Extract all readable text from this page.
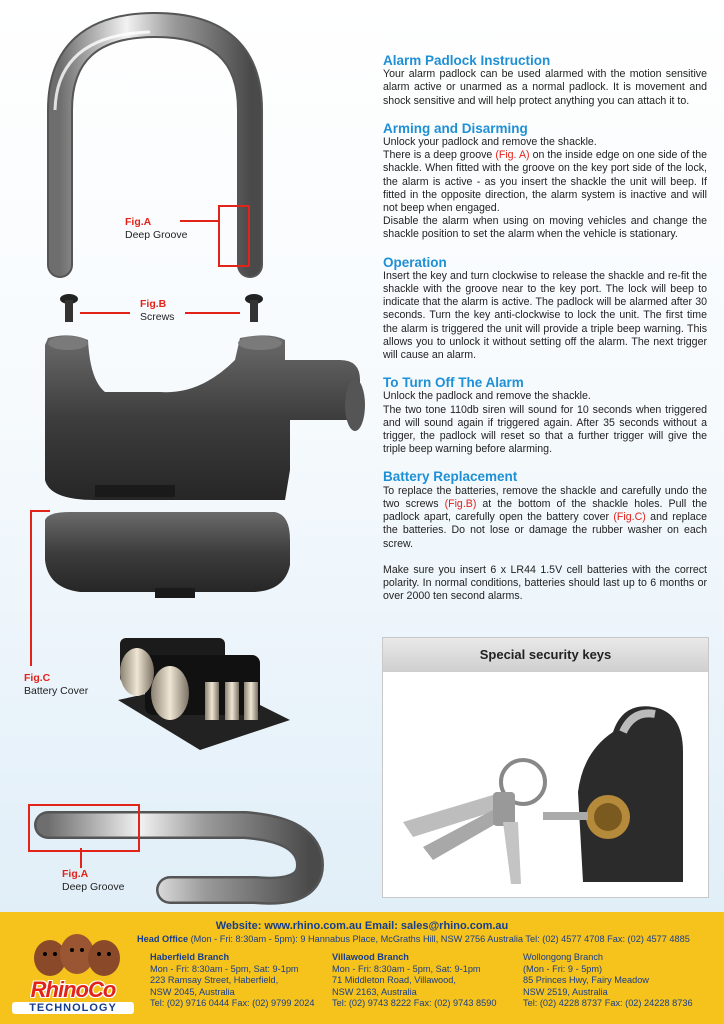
Fig.A
Deep Groove
Fig.B
Screws
Fig.C
Battery Cover
Fig.A
Deep Groove
Alarm Padlock Instruction

Your alarm padlock can be used alarmed with the motion sensitive alarm active or unarmed as a normal padlock. It is movement and shock sensitive and will help protect anything you can attach it to.

Arming and Disarming

Unlock your padlock and remove the shackle.

There is a deep groove (Fig. A) on the inside edge on one side of the shackle. When fitted with the groove on the key port side of the lock, the alarm is active - as you insert the shackle the unit will beep. If fitted in the opposite direction, the alarm system is inactive and will not beep when engaged.

Disable the alarm when using on moving vehicles and change the shackle position to set the alarm when the vehicle is stationary.

Operation

Insert the key and turn clockwise to release the shackle and re-fit the shackle with the groove near to the key port. The lock will beep to indicate that the alarm is active. The padlock will be alarmed after 30 seconds. Turn the key anti-clockwise to lock the unit. The first time the alarm is triggered the unit will provide a triple beep warning. This allows you to unlock it without setting off the alarm. The next trigger will cause an alarm.

To Turn Off The Alarm

Unlock the padlock and remove the shackle.

The two tone 110db siren will sound for 10 seconds when triggered and will sound again if triggered again. After 35 seconds without a trigger, the padlock will reset so that a further trigger will give the triple beep warning before alarming.

Battery Replacement

To replace the batteries, remove the shackle and carefully undo the two screws (Fig.B) at the bottom of the shackle holes. Pull the padlock apart, carefully open the battery cover (Fig.C) and replace the batteries. Do not lose or damage the rubber washer on each screw.

Make sure you insert 6 x LR44 1.5V cell batteries with the correct polarity. In normal conditions, batteries should last up to 6 months or over 2000 ten second alarms.

Special security keys
Website: www.rhino.com.au Email: sales@rhino.com.au
Head Office (Mon - Fri: 8:30am - 5pm): 9 Hannabus Place, McGraths Hill, NSW 2756 Australia Tel: (02) 4577 4708 Fax: (02) 4577 4885
Haberfield Branch
Mon - Fri: 8:30am - 5pm, Sat: 9-1pm
223 Ramsay Street, Haberfield,
NSW 2045, Australia
Tel: (02) 9716 0444 Fax: (02) 9799 2024
Villawood Branch
Mon - Fri: 8:30am - 5pm, Sat: 9-1pm
71 Middleton Road, Villawood,
NSW 2163, Australia
Tel: (02) 9743 8222 Fax: (02) 9743 8590
Wollongong Branch
(Mon - Fri: 9 - 5pm)
85 Princes Hwy, Fairy Meadow
NSW 2519, Australia
Tel: (02) 4228 8737 Fax: (02) 24228 8736
RhinoCo
TECHNOLOGY
